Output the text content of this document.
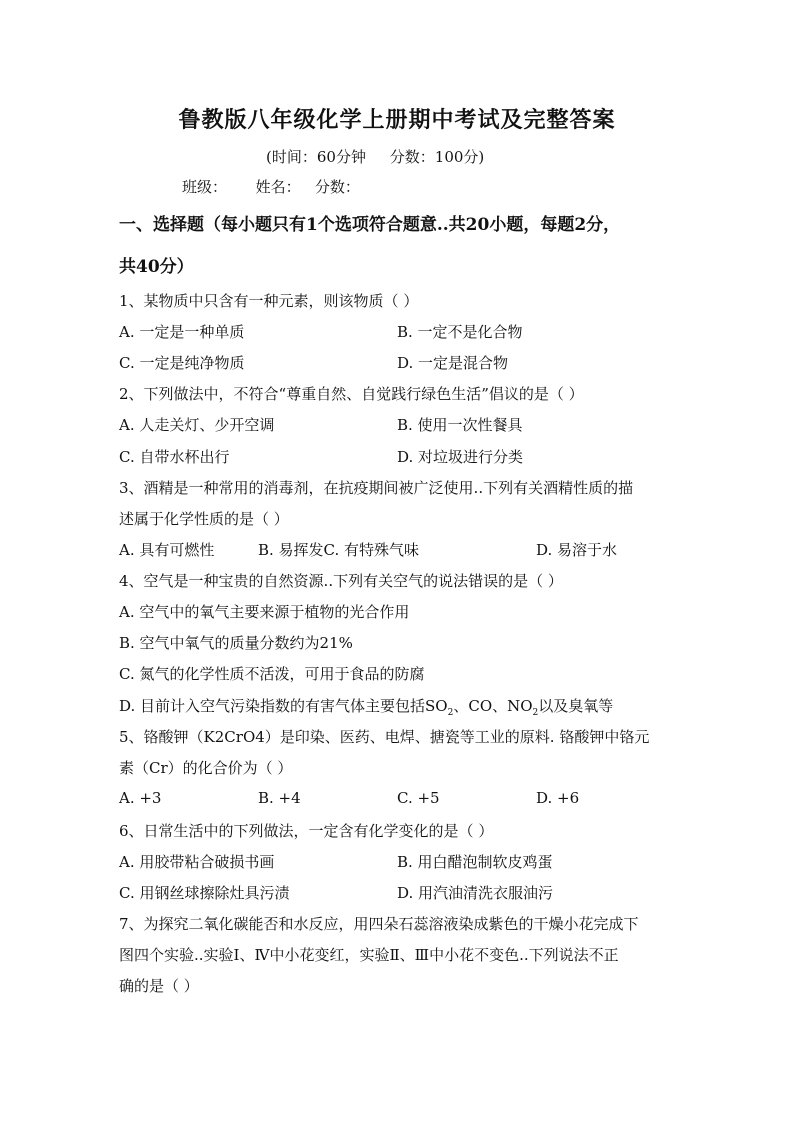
鲁教版八年级化学上册期中考试及完整答案
(时间：60分钟     分数：100分)
班级：      姓名：   分数：
一、选择题（每小题只有1个选项符合题意..共20小题，每题2分，
共40分）
1、某物质中只含有一种元素，则该物质（ ）
A. 一定是一种单质	B. 一定不是化合物
C. 一定是纯净物质	D. 一定是混合物
2、下列做法中，不符合“尊重自然、自觉践行绿色生活”倡议的是（ ）
A. 人走关灯、少开空调	B. 使用一次性餐具
C. 自带水杯出行	D. 对垃圾进行分类
3、酒精是一种常用的消毒剂，在抗疫期间被广泛使用..下列有关酒精性质的描
述属于化学性质的是（ ）
A. 具有可燃性	B. 易挥发C. 有特殊气味	D. 易溶于水
4、空气是一种宝贵的自然资源..下列有关空气的说法错误的是（ ）
A. 空气中的氧气主要来源于植物的光合作用
B. 空气中氧气的质量分数约为21%
C. 氮气的化学性质不活泼，可用于食品的防腐
D. 目前计入空气污染指数的有害气体主要包括$SO_2$、CO、$NO_2$以及臭氧等
5、铬酸钾（K2CrO4）是印染、医药、电焊、搪瓷等工业的原料. 铬酸钾中铬元
素（Cr）的化合价为（ ）
A. +3	B. +4	C. +5	D. +6
6、日常生活中的下列做法，一定含有化学变化的是（ ）
A. 用胶带粘合破损书画	B. 用白醋泡制软皮鸡蛋
C. 用钢丝球擦除灶具污渍	D. 用汽油清洗衣服油污
7、为探究二氧化碳能否和水反应，用四朵石蕊溶液染成紫色的干燥小花完成下
图四个实验..实验Ⅰ、Ⅳ中小花变红，实验Ⅱ、Ⅲ中小花不变色..下列说法不正
确的是（ ）
